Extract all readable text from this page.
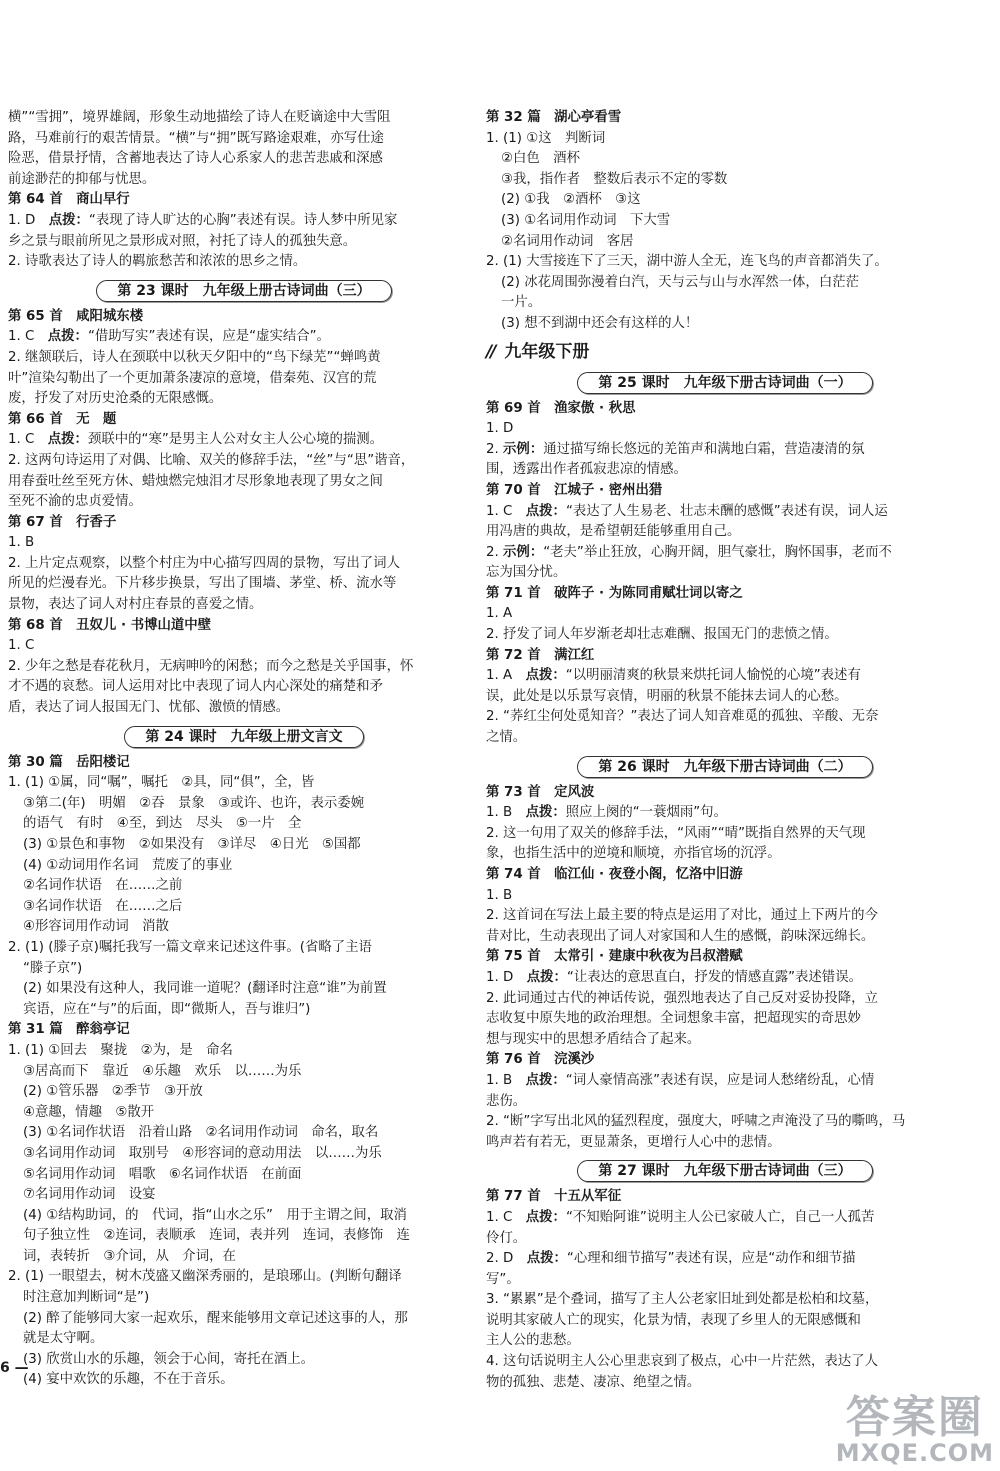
横”“雪拥”，境界雄阔，形象生动地描绘了诗人在贬谪途中大雪阻
路，马难前行的艰苦情景。“横”与“拥”既写路途艰难，亦写仕途
险恶，借景抒情，含蓄地表达了诗人心系家人的悲苦悲戚和深感
前途渺茫的抑郁与忧思。
第 64 首　商山早行
1. D　点拨：“表现了诗人旷达的心胸”表述有误。诗人梦中所见家
乡之景与眼前所见之景形成对照，衬托了诗人的孤独失意。
2. 诗歌表达了诗人的羁旅愁苦和浓浓的思乡之情。
第 23 课时　九年级上册古诗词曲（三）
第 65 首　咸阳城东楼
1. C　点拨：“借助写实”表述有误，应是“虚实结合”。
2. 继颔联后，诗人在颈联中以秋天夕阳中的“鸟下绿芜”“蝉鸣黄
叶”渲染勾勒出了一个更加萧条凄凉的意境，借秦苑、汉宫的荒
废，抒发了对历史沧桑的无限感慨。
第 66 首　无　题
1. C　点拨：颈联中的“寒”是男主人公对女主人公心境的揣测。
2. 这两句诗运用了对偶、比喻、双关的修辞手法，“丝”与“思”谐音，
用春蚕吐丝至死方休、蜡烛燃完烛泪才尽形象地表现了男女之间
至死不渝的忠贞爱情。
第 67 首　行香子
1. B
2. 上片定点观察，以整个村庄为中心描写四周的景物，写出了词人
所见的烂漫春光。下片移步换景，写出了围墙、茅堂、桥、流水等
景物，表达了词人对村庄春景的喜爱之情。
第 68 首　丑奴儿 · 书博山道中壁
1. C
2. 少年之愁是春花秋月，无病呻吟的闲愁；而今之愁是关乎国事，怀
才不遇的哀愁。词人运用对比中表现了词人内心深处的痛楚和矛
盾，表达了词人报国无门、忧郁、激愤的情感。
第 24 课时　九年级上册文言文
第 30 篇　岳阳楼记
1. (1) ①属，同“嘱”，嘱托　②具，同“俱”，全，皆
③第二(年)　明媚　②吞　景象　③或许、也许，表示委婉
的语气　有时　④至，到达　尽头　⑤一片　全
(3) ①景色和事物　②如果没有　③详尽　④日光　⑤国都
(4) ①动词用作名词　荒废了的事业
②名词作状语　在……之前
③名词作状语　在……之后
④形容词用作动词　消散
2. (1) (滕子京)嘱托我写一篇文章来记述这件事。(省略了主语
“滕子京”)
(2) 如果没有这种人，我同谁一道呢？(翻译时注意“谁”为前置
宾语，应在“与”的后面，即“微斯人，吾与谁归”)
第 31 篇　醉翁亭记
1. (1) ①回去　聚拢　②为，是　命名
③居高而下　靠近　④乐趣　欢乐　以……为乐
(2) ①管乐器　②季节　③开放
④意趣，情趣　⑤散开
(3) ①名词作状语　沿着山路　②名词用作动词　命名，取名
③名词用作动词　取别号　④形容词的意动用法　以……为乐
⑤名词用作动词　唱歌　⑥名词作状语　在前面
⑦名词用作动词　设宴
(4) ①结构助词，的　代词，指“山水之乐”　用于主谓之间，取消
句子独立性　②连词，表顺承　连词，表并列　连词，表修饰　连
词，表转折　③介词，从　介词，在
2. (1) 一眼望去，树木茂盛又幽深秀丽的，是琅琊山。(判断句翻译
时注意加判断词“是”)
(2) 醉了能够同大家一起欢乐，醒来能够用文章记述这事的人，那
就是太守啊。
(3) 欣赏山水的乐趣，领会于心间，寄托在酒上。
(4) 宴中欢饮的乐趣，不在于音乐。
第 32 篇　湖心亭看雪
1. (1) ①这　判断词
②白色　酒杯
③我，指作者　整数后表示不定的零数
(2) ①我　②酒杯　③这
(3) ①名词用作动词　下大雪
②名词用作动词　客居
2. (1) 大雪接连下了三天，湖中游人全无，连飞鸟的声音都消失了。
(2) 冰花周围弥漫着白汽，天与云与山与水浑然一体，白茫茫
一片。
(3) 想不到湖中还会有这样的人！
// 九年级下册
第 25 课时　九年级下册古诗词曲（一）
第 69 首　渔家傲 · 秋思
1. D
2. 示例：通过描写绵长悠远的羌笛声和满地白霜，营造凄清的氛
围，透露出作者孤寂悲凉的情感。
第 70 首　江城子 · 密州出猎
1. C　点拨：“表达了人生易老、壮志未酬的感慨”表述有误，词人运
用冯唐的典故，是希望朝廷能够重用自己。
2. 示例：“老夫”举止狂放，心胸开阔，胆气豪壮，胸怀国事，老而不
忘为国分忧。
第 71 首　破阵子 · 为陈同甫赋壮词以寄之
1. A
2. 抒发了词人年岁渐老却壮志难酬、报国无门的悲愤之情。
第 72 首　满江红
1. A　点拨：“以明丽清爽的秋景来烘托词人愉悦的心境”表述有
误，此处是以乐景写哀情，明丽的秋景不能抹去词人的心愁。
2. “荞红尘何处觅知音？”表达了词人知音难觅的孤独、辛酸、无奈
之情。
第 26 课时　九年级下册古诗词曲（二）
第 73 首　定风波
1. B　点拨：照应上阕的“一蓑烟雨”句。
2. 这一句用了双关的修辞手法，“风雨”“晴”既指自然界的天气现
象，也指生活中的逆境和顺境，亦指官场的沉浮。
第 74 首　临江仙 · 夜登小阁，忆洛中旧游
1. B
2. 这首词在写法上最主要的特点是运用了对比，通过上下两片的今
昔对比，生动表现出了词人对家国和人生的感慨，韵味深远绵长。
第 75 首　太常引 · 建康中秋夜为吕叔潜赋
1. D　点拨：“让表达的意思直白，抒发的情感直露”表述错误。
2. 此词通过古代的神话传说，强烈地表达了自己反对妥协投降，立
志收复中原失地的政治理想。全词想象丰富，把超现实的奇思妙
想与现实中的思想矛盾结合了起来。
第 76 首　浣溪沙
1. B　点拨：“词人豪情高涨”表述有误，应是词人愁绪纷乱，心情
悲伤。
2. “断”字写出北风的猛烈程度，强度大，呼啸之声淹没了马的嘶鸣，马
鸣声若有若无，更显萧条，更增行人心中的悲情。
第 27 课时　九年级下册古诗词曲（三）
第 77 首　十五从军征
1. C　点拨：“不知贻阿谁”说明主人公已家破人亡，自己一人孤苦
伶仃。
2. D　点拨：“心理和细节描写”表述有误，应是“动作和细节描
写”。
3. “累累”是个叠词，描写了主人公老家旧址到处都是松柏和坟墓，
说明其家破人亡的现实，化景为情，表现了乡里人的无限感慨和
主人公的悲愁。
4. 这句话说明主人公心里悲哀到了极点，心中一片茫然，表达了人
物的孤独、悲楚、凄凉、绝望之情。
6 —
答案圈
MXQE.COM
